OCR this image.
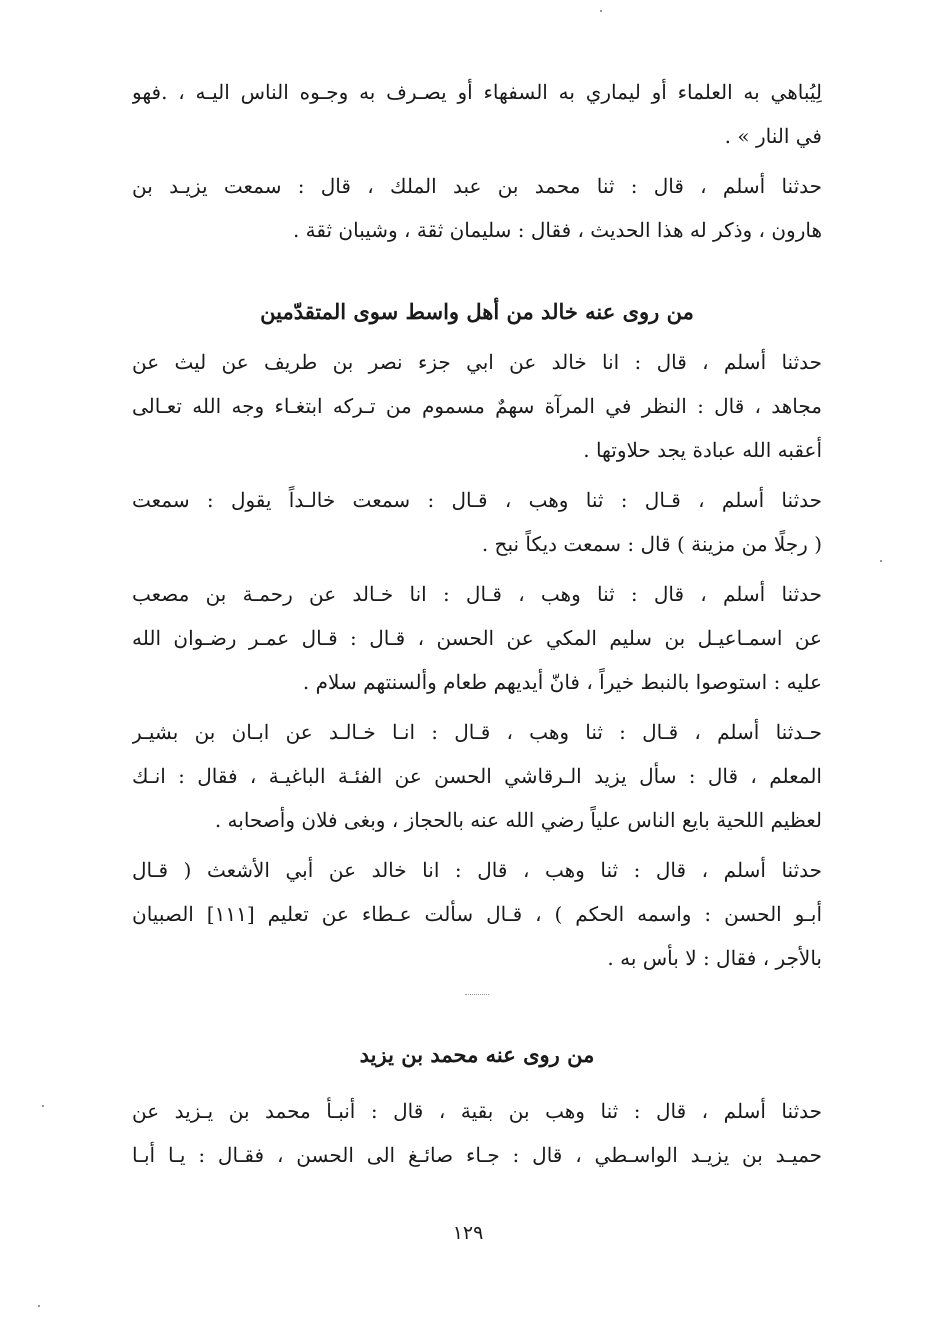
لِيُباهي به العلماء أو ليماري به السفهاء أو يصـرف به وجـوه الناس اليـه ، .فهو
في النار » .

حدثنا أسلم ، قال : ثنا محمد بن عبد الملك ، قال : سمعت يزيـد بن
هارون ، وذكر له هذا الحديث ، فقال : سليمان ثقة ، وشيبان ثقة .

من روى عنه خالد من أهل واسط سوى المتقدّمين

حدثنا أسلم ، قال : انا خالد عن ابي جزء نصر بن طريف عن ليث عن
مجاهد ، قال : النظر في المرآة سهمٌ مسموم من تـركه ابتغـاء وجه الله تعـالى
أعقبه الله عبادة يجد حلاوتها .

حدثنا أسلم ، قـال : ثنا وهب ، قـال : سمعت خالـداً يقول : سمعت
( رجلًا من مزينة ) قال : سمعت ديكاً نبح .

حدثنا أسلم ، قال : ثنا وهب ، قـال : انا خـالد عن رحمـة بن مصعب
عن اسمـاعيـل بن سليم المكي عن الحسن ، قـال : قـال عمـر رضـوان الله
عليه : استوصوا بالنبط خيراً ، فانّ أيديهم طعام وألسنتهم سلام .

حـدثنا أسلم ، قـال : ثنا وهب ، قـال : انـا خـالـد عن ابـان بن بشيـر
المعلم ، قال : سأل يزيد الـرقاشي الحسن عن الفئـة الباغيـة ، فقال : انـك
لعظيم اللحية بايع الناس علياً رضي الله عنه بالحجاز ، وبغى فلان وأصحابه .

حدثنا أسلم ، قال : ثنا وهب ، قال : انا خالد عن أبي الأشعث ( قـال
أبـو الحسن : واسمه الحكم ) ، قـال سألت عـطاء عن تعليم [١١١] الصبيان
بالأجر ، فقال : لا بأس به .

من روى عنه محمد بن يزيد

حدثنا أسلم ، قال : ثنا وهب بن بقية ، قال : أنبـأ محمد بن يـزيد عن
حميـد بن يزيـد الواسـطي ، قال : جـاء صائـغ الى الحسن ، فقـال : يـا أبـا

١٢٩
